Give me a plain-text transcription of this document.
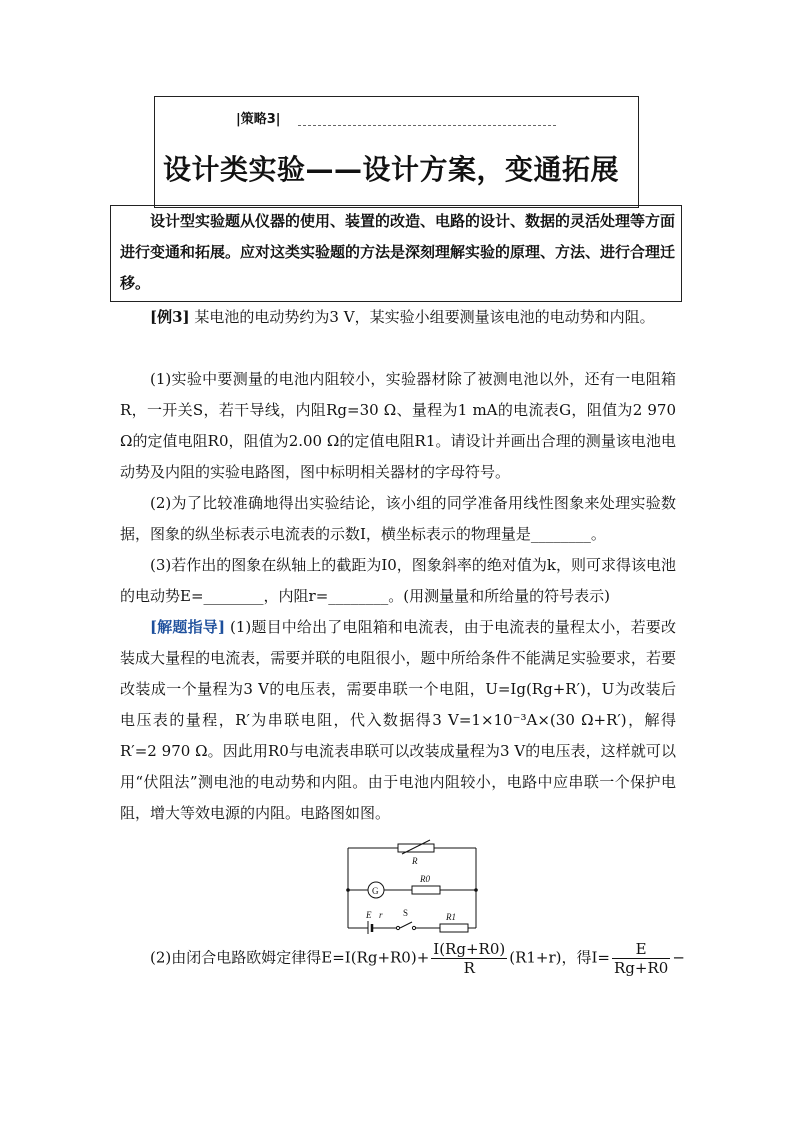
|策略3|
设计类实验——设计方案，变通拓展
设计型实验题从仪器的使用、装置的改造、电路的设计、数据的灵活处理等方面进行变通和拓展。应对这类实验题的方法是深刻理解实验的原理、方法、进行合理迁移。
[例3] 某电池的电动势约为3 V，某实验小组要测量该电池的电动势和内阻。
(1)实验中要测量的电池内阻较小，实验器材除了被测电池以外，还有一电阻箱R，一开关S，若干导线，内阻Rg=30 Ω、量程为1 mA的电流表G，阻值为2 970 Ω的定值电阻R0，阻值为2.00 Ω的定值电阻R1。请设计并画出合理的测量该电池电动势及内阻的实验电路图，图中标明相关器材的字母符号。
(2)为了比较准确地得出实验结论，该小组的同学准备用线性图象来处理实验数据，图象的纵坐标表示电流表的示数I，横坐标表示的物理量是________。
(3)若作出的图象在纵轴上的截距为I0，图象斜率的绝对值为k，则可求得该电池的电动势E=________，内阻r=________。(用测量量和所给量的符号表示)
[解题指导] (1)题目中给出了电阻箱和电流表，由于电流表的量程太小，若要改装成大量程的电流表，需要并联的电阻很小，题中所给条件不能满足实验要求，若要改装成一个量程为3 V的电压表，需要串联一个电阻，U=Ig(Rg+R′)，U为改装后电压表的量程，R′为串联电阻，代入数据得3 V=1×10⁻³A×(30 Ω+R′)，解得R′=2 970 Ω。因此用R0与电流表串联可以改装成量程为3 V的电压表，这样就可以用“伏阻法”测电池的电动势和内阻。由于电池内阻较小，电路中应串联一个保护电阻，增大等效电源的内阻。电路图如图。
R
G
R0
E r S	R1
(2)由闭合电路欧姆定律得$E=I(Rg+R0)+ \frac{I(Rg+R0)}{R} (R1+r)$，得$I= \frac{E}{Rg+R0}$ −
